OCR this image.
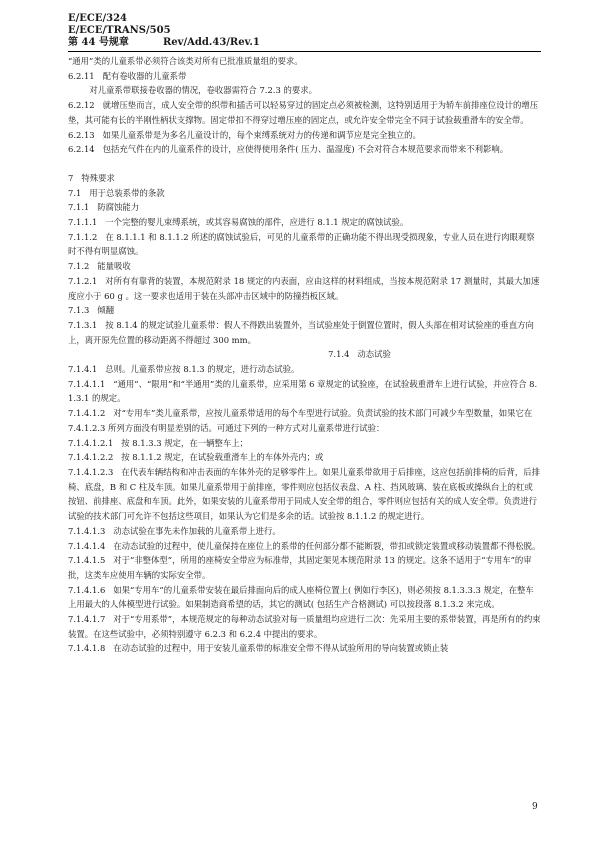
E/ECE/324
E/ECE/TRANS/505
第 44 号规章	Rev/Add.43/Rev.1

“通用”类的儿童系带必须符合该类对所有已批准质量组的要求。

6.2.11   配有卷收器的儿童系带

对儿童系带联接卷收器的情况，卷收器需符合 7.2.3 的要求。

6.2.12   就增压垫而言，成人安全带的织带和插舌可以轻易穿过的固定点必须被检测，这特别适用于为轿车前排座位设计的增压垫，其可能有长的半刚性柄状支撑物。固定带扣不得穿过增压座的固定点，或允许安全带完全不同于试验载重滑车的安全带。

6.2.13   如果儿童系带是为多名儿童设计的，每个束缚系统对力的传递和调节应是完全独立的。

6.2.14   包括充气件在内的儿童系件的设计，应使得使用条件( 压力、温湿度) 不会对符合本规范要求而带来不利影响。

7   特殊要求

7.1   用于总装系带的条款

7.1.1   防腐蚀能力

7.1.1.1   一个完整的婴儿束缚系统，或其容易腐蚀的部件，应进行 8.1.1 规定的腐蚀试验。

7.1.1.2   在 8.1.1.1 和 8.1.1.2 所述的腐蚀试验后，可见的儿童系带的正确功能不得出现受损现象，专业人员在进行肉眼观察时不得有明显腐蚀。

7.1.2   能量吸收

7.1.2.1   对所有有靠背的装置，本规范附录 18 规定的内表面，应由这样的材料组成，当按本规范附录 17 测量时，其最大加速度应小于 60 g 。这一要求也适用于装在头部冲击区域中的防撞挡板区域。

7.1.3   倾翻

7.1.3.1   按 8.1.4 的规定试验儿童系带：假人不得跌出装置外，当试验座处于倒置位置时，假人头部在相对试验座的垂直方向上，离开原先位置的移动距离不得超过 300 mm。

7.1.4   动态试验

7.1.4.1   总则。儿童系带应按 8.1.3 的规定，进行动态试验。

7.1.4.1.1   “通用”、“限用”和“半通用”类的儿童系带，应采用第 6 章规定的试验座，在试验载重滑车上进行试验，并应符合 8.1.3.1 的规定。

7.1.4.1.2   对“专用车”类儿童系带，应按儿童系带适用的每个车型进行试验。负责试验的技术部门可减少车型数量，如果它在 7.4.1.2.3 所列方面没有明显差别的话。可通过下列的一种方式对儿童系带进行试验：

7.1.4.1.2.1   按 8.1.3.3 规定，在一辆整车上；

7.1.4.1.2.2   按 8.1.1.2 规定，在试验载重滑车上的车体外壳内；或

7.1.4.1.2.3   在代表车辆结构和冲击表面的车体外壳的足够零件上。如果儿童系带欲用于后排座，这应包括前排椅的后背，后排椅、底盘，B 和 C 柱及车顶。如果儿童系带用于前排座，零件则应包括仪表盘、A 柱、挡风玻璃、装在底板或操纵台上的杠或按钮、前排座、底盘和车顶。此外，如果安装的儿童系带用于同成人安全带的组合，零件则应包括有关的成人安全带。负责进行试验的技术部门可允许不包括这些项目，如果认为它们是多余的话。试验按 8.1.1.2 的规定进行。

7.1.4.1.3   动态试验在事先未作加载的儿童系带上进行。

7.1.4.1.4   在动态试验的过程中，使儿童保持在座位上的系带的任何部分都不能断裂，带扣或锁定装置或移动装置都不得松脱。

7.1.4.1.5   对于“非整体型”，所用的座椅安全带应为标准带，其固定架见本规范附录 13 的规定。这条不适用于“专用车”的审批，这类车应使用车辆的实际安全带。

7.1.4.1.6   如果“专用车”的儿童系带安装在最后排面向后的成人座椅位置上( 例如行李区)，则必须按 8.1.3.3.3 规定，在整车上用最大的人体模型进行试验。如果制造商希望的话，其它的测试( 包括生产合格测试) 可以按段落 8.1.3.2 来完成。

7.1.4.1.7   对于“专用系带”，本规范规定的每种动态试验对每一质量组均应进行二次：先采用主要的系带装置，再是所有的约束装置。在这些试验中，必须特别遵守 6.2.3 和 6.2.4 中提出的要求。

7.1.4.1.8   在动态试验的过程中，用于安装儿童系带的标准安全带不得从试验所用的导向装置或锁止装

9
